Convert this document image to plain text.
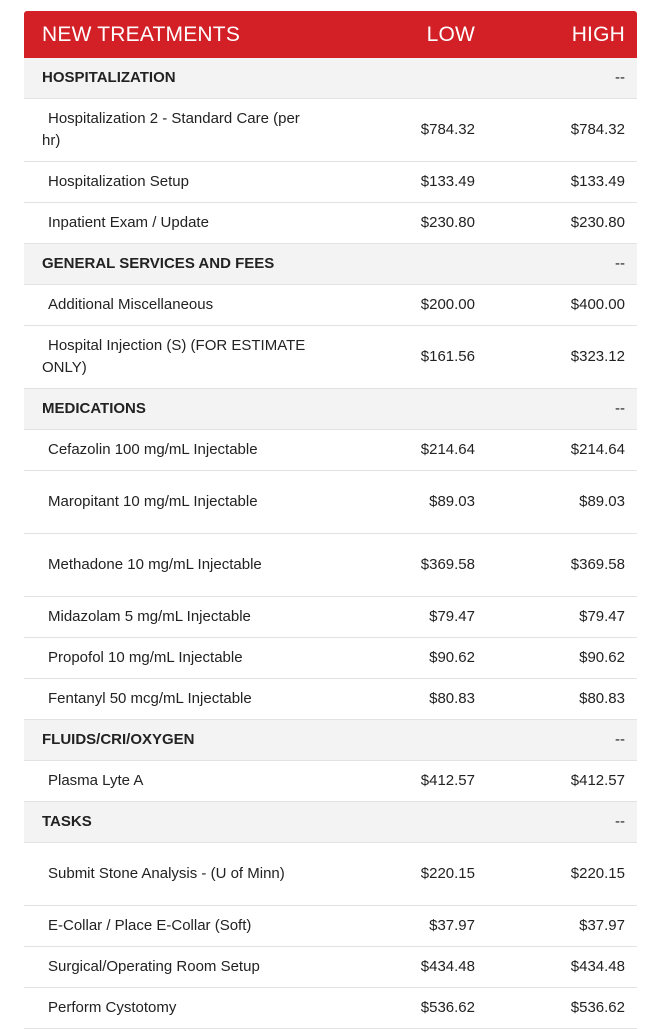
NEW TREATMENTS	LOW	HIGH
HOSPITALIZATION		--
Hospitalization 2 - Standard Care (per hr)	$784.32	$784.32
Hospitalization Setup	$133.49	$133.49
Inpatient Exam / Update	$230.80	$230.80
GENERAL SERVICES AND FEES		--
Additional Miscellaneous	$200.00	$400.00
Hospital Injection (S) (FOR ESTIMATE ONLY)	$161.56	$323.12
MEDICATIONS		--
Cefazolin 100 mg/mL Injectable	$214.64	$214.64
Maropitant 10 mg/mL Injectable	$89.03	$89.03
Methadone 10 mg/mL Injectable	$369.58	$369.58
Midazolam 5 mg/mL Injectable	$79.47	$79.47
Propofol 10 mg/mL Injectable	$90.62	$90.62
Fentanyl 50 mcg/mL Injectable	$80.83	$80.83
FLUIDS/CRI/OXYGEN		--
Plasma Lyte A	$412.57	$412.57
TASKS		--
Submit Stone Analysis - (U of Minn)	$220.15	$220.15
E-Collar / Place E-Collar (Soft)	$37.97	$37.97
Surgical/Operating Room Setup	$434.48	$434.48
Perform Cystotomy	$536.62	$536.62
